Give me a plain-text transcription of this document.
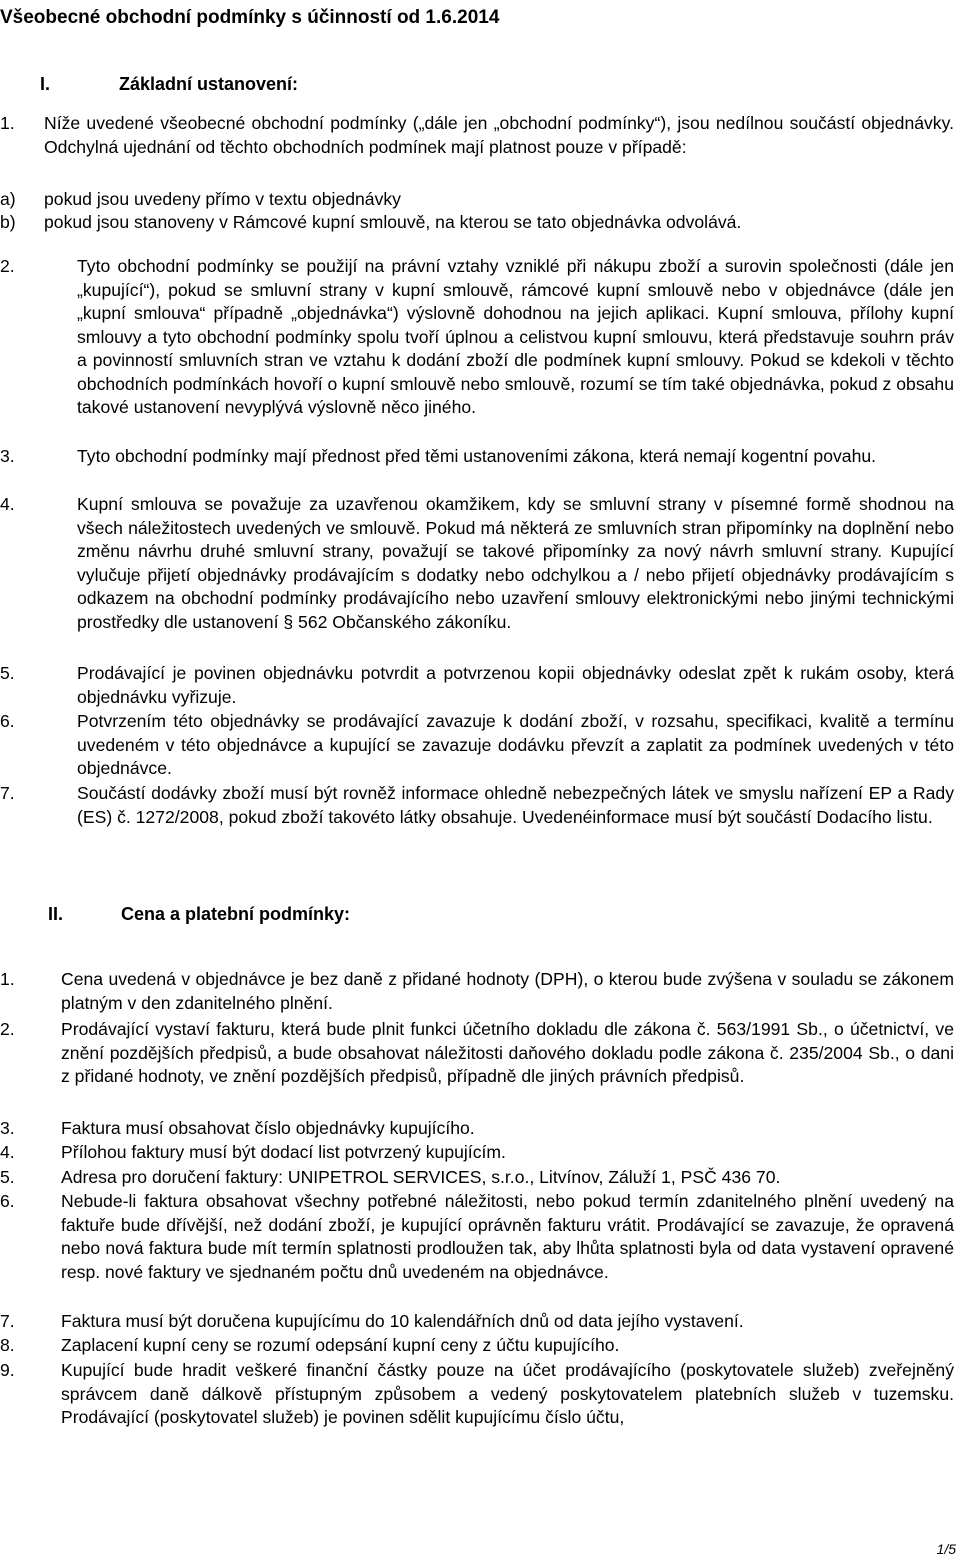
Všeobecné obchodní podmínky s účinností od 1.6.2014
I.	Základní ustanovení:
1. Níže uvedené všeobecné obchodní podmínky („dále jen „obchodní podmínky“), jsou nedílnou součástí objednávky. Odchylná ujednání od těchto obchodních podmínek mají platnost pouze v případě:
a) pokud jsou uvedeny přímo v textu objednávky
b) pokud jsou stanoveny v Rámcové kupní smlouvě, na kterou se tato objednávka odvolává.
2.	Tyto obchodní podmínky se použijí na právní vztahy vzniklé při nákupu zboží a surovin společnosti (dále jen „kupující“), pokud se smluvní strany v kupní smlouvě, rámcové kupní smlouvě nebo v objednávce (dále jen „kupní smlouva“ případně „objednávka“) výslovně dohodnou na jejich aplikaci. Kupní smlouva, přílohy kupní smlouvy a tyto obchodní podmínky spolu tvoří úplnou a celistvou kupní smlouvu, která představuje souhrn práv a povinností smluvních stran ve vztahu k dodání zboží dle podmínek kupní smlouvy. Pokud se kdekoli v těchto obchodních podmínkách hovoří o kupní smlouvě nebo smlouvě, rozumí se tím také objednávka, pokud z obsahu takové ustanovení nevyplývá výslovně něco jiného.
3.	Tyto obchodní podmínky mají přednost před těmi ustanoveními zákona, která nemají kogentní povahu.
4.	Kupní smlouva se považuje za uzavřenou okamžikem, kdy se smluvní strany v písemné formě shodnou na všech náležitostech uvedených ve smlouvě. Pokud má některá ze smluvních stran připomínky na doplnění nebo změnu návrhu druhé smluvní strany, považují se takové připomínky za nový návrh smluvní strany. Kupující vylučuje přijetí objednávky prodávajícím s dodatky nebo odchylkou a / nebo přijetí objednávky prodávajícím s odkazem na obchodní podmínky prodávajícího nebo uzavření smlouvy elektronickými nebo jinými technickými prostředky dle ustanovení § 562 Občanského zákoníku.
5.	Prodávající je povinen objednávku potvrdit a potvrzenou kopii objednávky odeslat zpět k rukám osoby, která objednávku vyřizuje.
6.	Potvrzením této objednávky se prodávající zavazuje k dodání zboží, v rozsahu, specifikaci, kvalitě a termínu uvedeném v této objednávce a kupující se zavazuje dodávku převzít a zaplatit za podmínek uvedených v této objednávce.
7.	Součástí dodávky zboží musí být rovněž informace ohledně nebezpečných látek ve smyslu nařízení EP a Rady (ES) č. 1272/2008, pokud zboží takovéto látky obsahuje. Uvedenéinformace musí být součástí Dodacího listu.
II.	Cena a platební podmínky:
1.	Cena uvedená v objednávce je bez daně z přidané hodnoty (DPH), o kterou bude zvýšena v souladu se zákonem platným v den zdanitelného plnění.
2.	Prodávající vystaví fakturu, která bude plnit funkci účetního dokladu dle zákona č. 563/1991 Sb., o účetnictví, ve znění pozdějších předpisů, a bude obsahovat náležitosti daňového dokladu podle zákona č. 235/2004 Sb., o dani z přidané hodnoty, ve znění pozdějších předpisů, případně dle jiných právních předpisů.
3.	Faktura musí obsahovat číslo objednávky kupujícího.
4.	Přílohou faktury musí být dodací list potvrzený kupujícím.
5.	Adresa pro doručení faktury: UNIPETROL SERVICES, s.r.o., Litvínov, Záluží 1, PSČ 436 70.
6.	Nebude-li faktura obsahovat všechny potřebné náležitosti, nebo pokud termín zdanitelného plnění uvedený na faktuře bude dřívější, než dodání zboží, je kupující oprávněn fakturu vrátit. Prodávající se zavazuje, že opravená nebo nová faktura bude mít termín splatnosti prodloužen tak, aby lhůta splatnosti byla od data vystavení opravené resp. nové faktury ve sjednaném počtu dnů uvedeném na objednávce.
7.	Faktura musí být doručena kupujícímu do 10 kalendářních dnů od data jejího vystavení.
8.	Zaplacení kupní ceny se rozumí odepsání kupní ceny z účtu kupujícího.
9.	Kupující bude hradit veškeré finanční částky pouze na účet prodávajícího (poskytovatele služeb) zveřejněný správcem daně dálkově přístupným způsobem a vedený poskytovatelem platebních služeb v tuzemsku. Prodávající (poskytovatel služeb) je povinen sdělit kupujícímu číslo účtu,
1/5
